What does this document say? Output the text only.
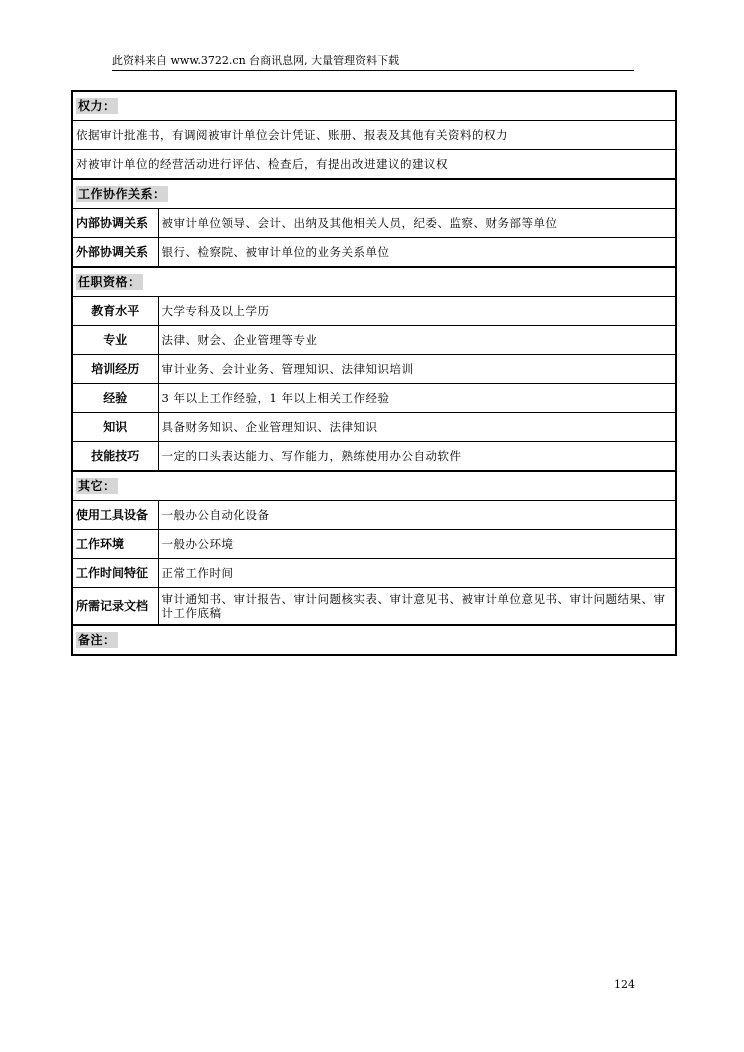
此资料来自 www.3722.cn 台商讯息网, 大量管理资料下载
权力：	
依据审计批准书，有调阅被审计单位会计凭证、账册、报表及其他有关资料的权力	
对被审计单位的经营活动进行评估、检查后，有提出改进建议的建议权	
工作协作关系：	
内部协调关系	被审计单位领导、会计、出纳及其他相关人员，纪委、监察、财务部等单位
外部协调关系	银行、检察院、被审计单位的业务关系单位
任职资格：	
教育水平	大学专科及以上学历
专业	法律、财会、企业管理等专业
培训经历	审计业务、会计业务、管理知识、法律知识培训
经验	3 年以上工作经验，1 年以上相关工作经验
知识	具备财务知识、企业管理知识、法律知识
技能技巧	一定的口头表达能力、写作能力，熟练使用办公自动软件
其它：	
使用工具设备	一般办公自动化设备
工作环境	一般办公环境
工作时间特征	正常工作时间
所需记录文档	审计通知书、审计报告、审计问题核实表、审计意见书、被审计单位意见书、审计问题结果、审计工作底稿
备注：	
124
